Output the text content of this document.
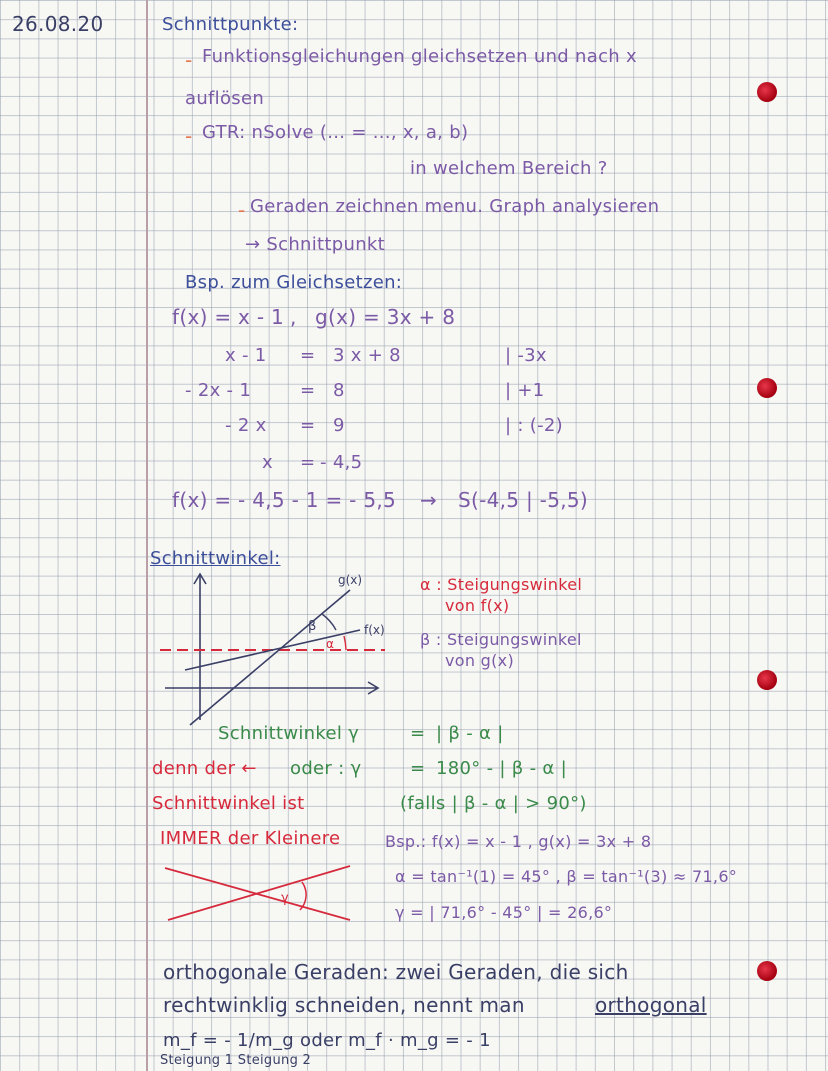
26.08.20	Schnittpunkte:
- Funktionsgleichungen gleichsetzen und nach x
auflösen
- GTR: nSolve (... = ..., x, a, b)
in welchem Bereich ?
- Geraden zeichnen menu. Graph analysieren
→ Schnittpunkt
Bsp. zum Gleichsetzen:
f(x) = x - 1 , g(x) = 3x + 8
x - 1 = 3 x + 8	| -3x
- 2x - 1	= 8	| +1
- 2 x = 9	| : (-2)
x = - 4,5
f(x) = - 4,5 - 1 = - 5,5 → S(-4,5 | -5,5)
Schnittwinkel:
g(x)
f(x)
β
α
α : Steigungswinkel
von f(x)
β : Steigungswinkel
von g(x)
Schnittwinkel γ	= | β - α |
oder : γ	= 180° - | β - α |
(falls | β - α | > 90°)
denn der ←
Schnittwinkel ist
IMMER der Kleinere
γ
Bsp.: f(x) = x - 1 , g(x) = 3x + 8
α = tan⁻¹(1) = 45° , β = tan⁻¹(3) ≈ 71,6°
γ = | 71,6° - 45° | = 26,6°
orthogonale Geraden: zwei Geraden, die sich
rechtwinklig schneiden, nennt man	orthogonal
m_f = - 1/m_g oder m_f · m_g = - 1
Steigung 1 Steigung 2
